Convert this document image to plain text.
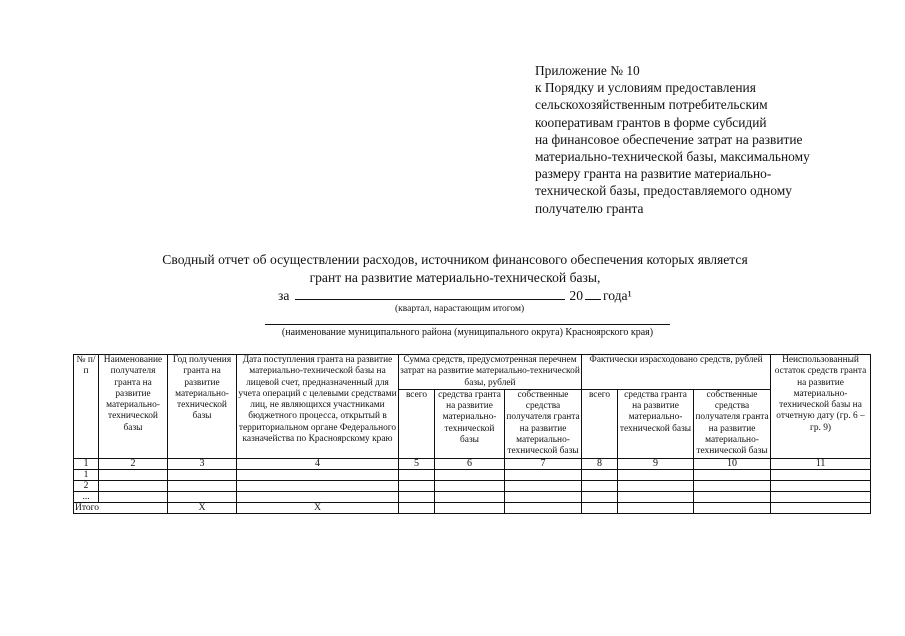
Приложение № 10
к Порядку и условиям предоставления
сельскохозяйственным потребительским
кооперативам грантов в форме субсидий
на финансовое обеспечение затрат на развитие
материально-технической базы, максимальному
размеру гранта на развитие материально-
технической базы, предоставляемого одному
получателю гранта
Сводный отчет об осуществлении расходов, источником финансового обеспечения которых является
грант на развитие материально-технической базы,
за	20 года¹
(квартал, нарастающим итогом)
(наименование муниципального района (муниципального округа) Красноярского края)
№ п/п	Наименование получателя гранта на развитие материально-технической базы	Год получения гранта на развитие материально-технической базы	Дата поступления гранта на развитие материально-технической базы на лицевой счет, предназначенный для учета операций с целевыми средствами лиц, не являющихся участниками бюджетного процесса, открытый в территориальном органе Федерального казначейства по Красноярскому краю	Сумма средств, предусмотренная перечнем затрат на развитие материально-технической базы, рублей			Фактически израсходовано средств, рублей			Неиспользованный остаток средств гранта на развитие материально-технической базы на отчетную дату (гр. 6 – гр. 9)
				всего	средства гранта на развитие материально-технической базы	собственные средства получателя гранта на развитие материально-технической базы	всего	средства гранта на развитие материально-технической базы	собственные средства получателя гранта на развитие материально-технической базы	
1	2	3	4	5	6	7	8	9	10	11
1										
2										
...										
Итого		X	X							
